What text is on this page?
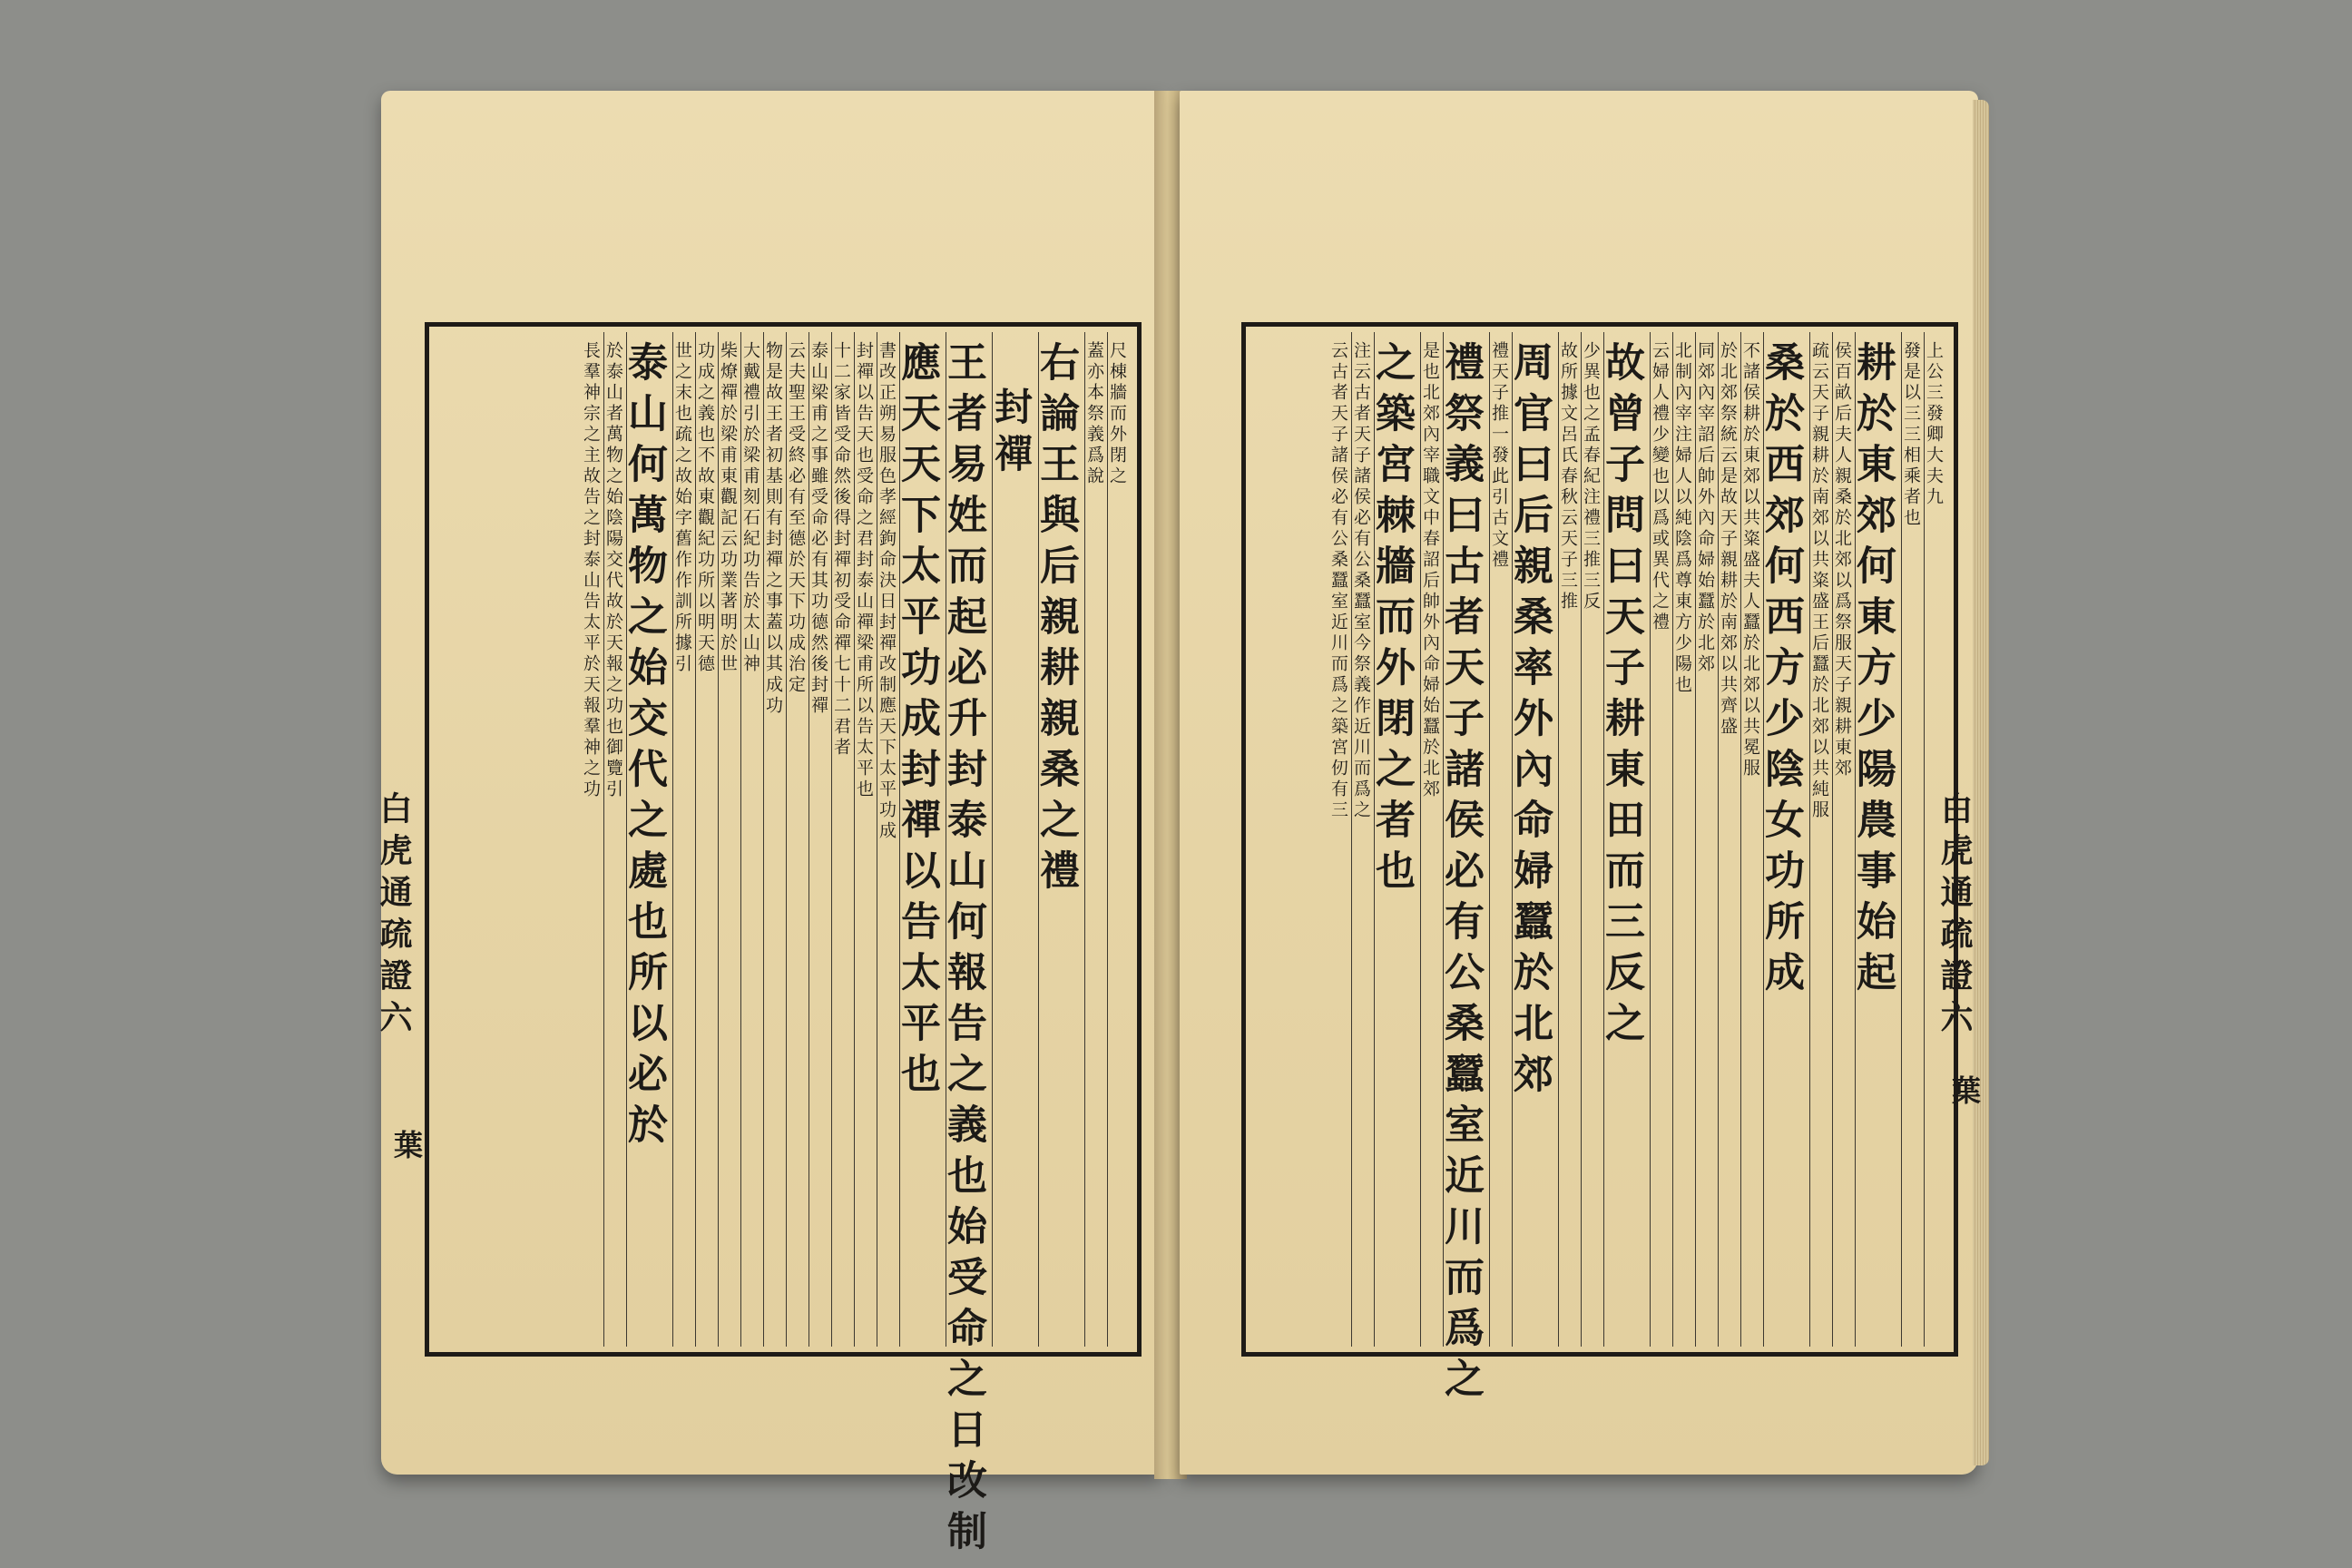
白虎通疏證六
葉
尺棟牆而外閉之
蓋亦本祭義爲說
右論王與后親耕親桑之禮
封禪
王者易姓而起必升封泰山何報告之義也始受命之日改制
應天天下太平功成封禪以告太平也
書改正朔易服色孝經鉤命決日封禪改制應天下太平功成
封禪以告天也受命之君封泰山禪梁甫所以告太平也
十二家皆受命然後得封禪初受命禪七十二君者
泰山梁甫之事雖受命必有其功德然後封禪
云夫聖王受終必有至德於天下功成治定
物是故王者初基則有封禪之事蓋以其成功
大戴禮引於梁甫刻石紀功告於太山神
柴燎禪於梁甫東觀記云功業著明於世
功成之義也不故東觀紀功所以明天德
世之末也疏之故始字舊作作訓所據引
泰山何萬物之始交代之處也所以必於
於泰山者萬物之始陰陽交代故於天報之功也御覽引
長羣神宗之主故告之封泰山告太平於天報羣神之功	上公三發卿大夫九
發是以三三相乘者也
耕於東郊何東方少陽農事始起
侯百畝后夫人親桑於北郊以爲祭服天子親耕東郊
疏云天子親耕於南郊以共粢盛王后蠶於北郊以共純服
桑於西郊何西方少陰女功所成
不諸侯耕於東郊以共粢盛夫人蠶於北郊以共冕服
於北郊祭統云是故天子親耕於南郊以共齊盛
同郊內宰詔后帥外內命婦始蠶於北郊
北制內宰注婦人以純陰爲尊東方少陽也
云婦人禮少變也以爲或異代之禮
故曾子問曰天子耕東田而三反之
少異也之孟春紀注禮三推三反
故所據文呂氏春秋云天子三推
周官曰后親桑率外內命婦蠶於北郊
禮天子推一發此引古文禮
禮祭義曰古者天子諸侯必有公桑蠶室近川而爲之
是也北郊內宰職文中春詔后帥外內命婦始蠶於北郊
之築宮棘牆而外閉之者也
注云古者天子諸侯必有公桑蠶室今祭義作近川而爲之
云古者天子諸侯必有公桑蠶室近川而爲之築宮仞有三
白虎通疏證六
葉
